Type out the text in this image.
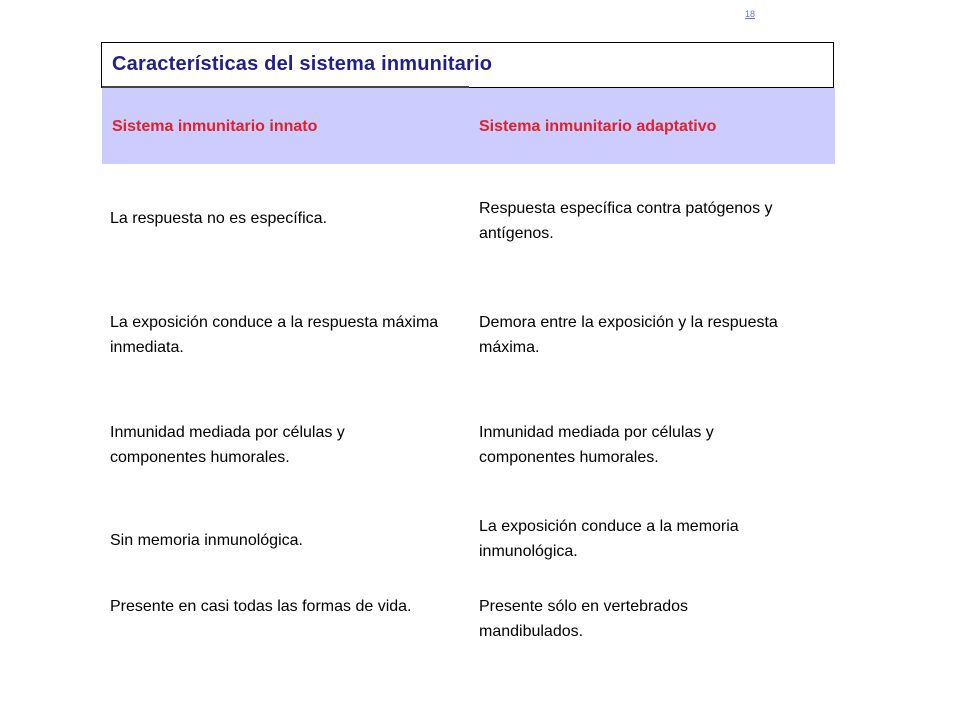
18
Características del sistema inmunitario
Sistema inmunitario innato	Sistema inmunitario adaptativo
La respuesta no es específica.
Respuesta específica contra patógenos y antígenos.
La exposición conduce a la respuesta máxima inmediata.
Demora entre la exposición y la respuesta máxima.
Inmunidad mediada por células y componentes humorales.
Inmunidad mediada por células y componentes humorales.
Sin memoria inmunológica.
La exposición conduce a la memoria inmunológica.
Presente en casi todas las formas de vida.	Presente sólo en vertebrados mandibulados.
